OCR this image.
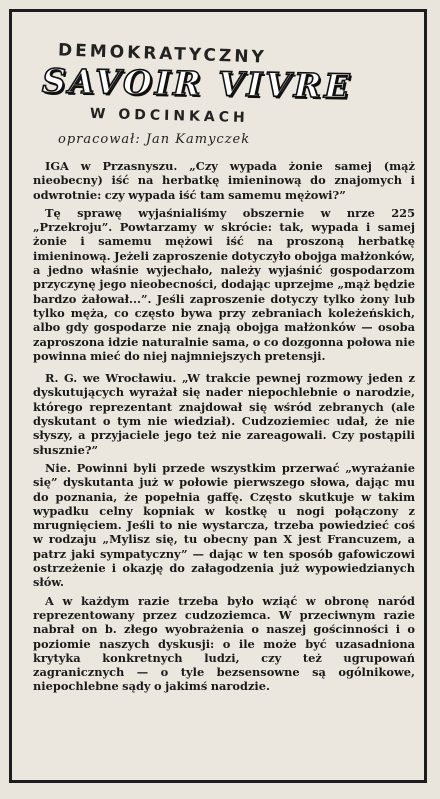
DEMOKRATYCZNY
SAVOIR VIVRE
W ODCINKACH
opracował: Jan Kamyczek

IGA w Przasnyszu. „Czy wypada żonie samej (mąż nieobecny) iść na herbatkę imieninową do znajomych i odwrotnie: czy wypada iść tam samemu mężowi?”

Tę sprawę wyjaśnialiśmy obszernie w nrze 225 „Przekroju”. Powtarzamy w skrócie: tak, wypada i samej żonie i samemu mężowi iść na proszoną herbatkę imieninową. Jeżeli zaproszenie dotyczyło obojga małżonków, a jedno właśnie wyjechało, należy wyjaśnić gospodarzom przyczynę jego nieobecności, dodając uprzejme „mąż będzie bardzo żałował...”. Jeśli zaproszenie dotyczy tylko żony lub tylko męża, co często bywa przy zebraniach koleżeńskich, albo gdy gospodarze nie znają obojga małżonków — osoba zaproszona idzie naturalnie sama, o co dozgonna połowa nie powinna mieć do niej najmniejszych pretensji.

R. G. we Wrocławiu. „W trakcie pewnej rozmowy jeden z dyskutujących wyrażał się nader niepochlebnie o narodzie, którego reprezentant znajdował się wśród zebranych (ale dyskutant o tym nie wiedział). Cudzoziemiec udał, że nie słyszy, a przyjaciele jego też nie zareagowali. Czy postąpili słusznie?”

Nie. Powinni byli przede wszystkim przerwać „wyrażanie się” dyskutanta już w połowie pierwszego słowa, dając mu do poznania, że popełnia gaffę. Często skutkuje w takim wypadku celny kopniak w kostkę u nogi połączony z mrugnięciem. Jeśli to nie wystarcza, trzeba powiedzieć coś w rodzaju „Mylisz się, tu obecny pan X jest Francuzem, a patrz jaki sympatyczny” — dając w ten sposób gafowiczowi ostrzeżenie i okazję do załagodzenia już wypowiedzianych słów.

A w każdym razie trzeba było wziąć w obronę naród reprezentowany przez cudzoziemca. W przeciwnym razie nabrał on b. złego wyobrażenia o naszej gościnności i o poziomie naszych dyskusji: o ile może być uzasadniona krytyka konkretnych ludzi, czy też ugrupowań zagranicznych — o tyle bezsensowne są ogólnikowe, niepochlebne sądy o jakimś narodzie.
